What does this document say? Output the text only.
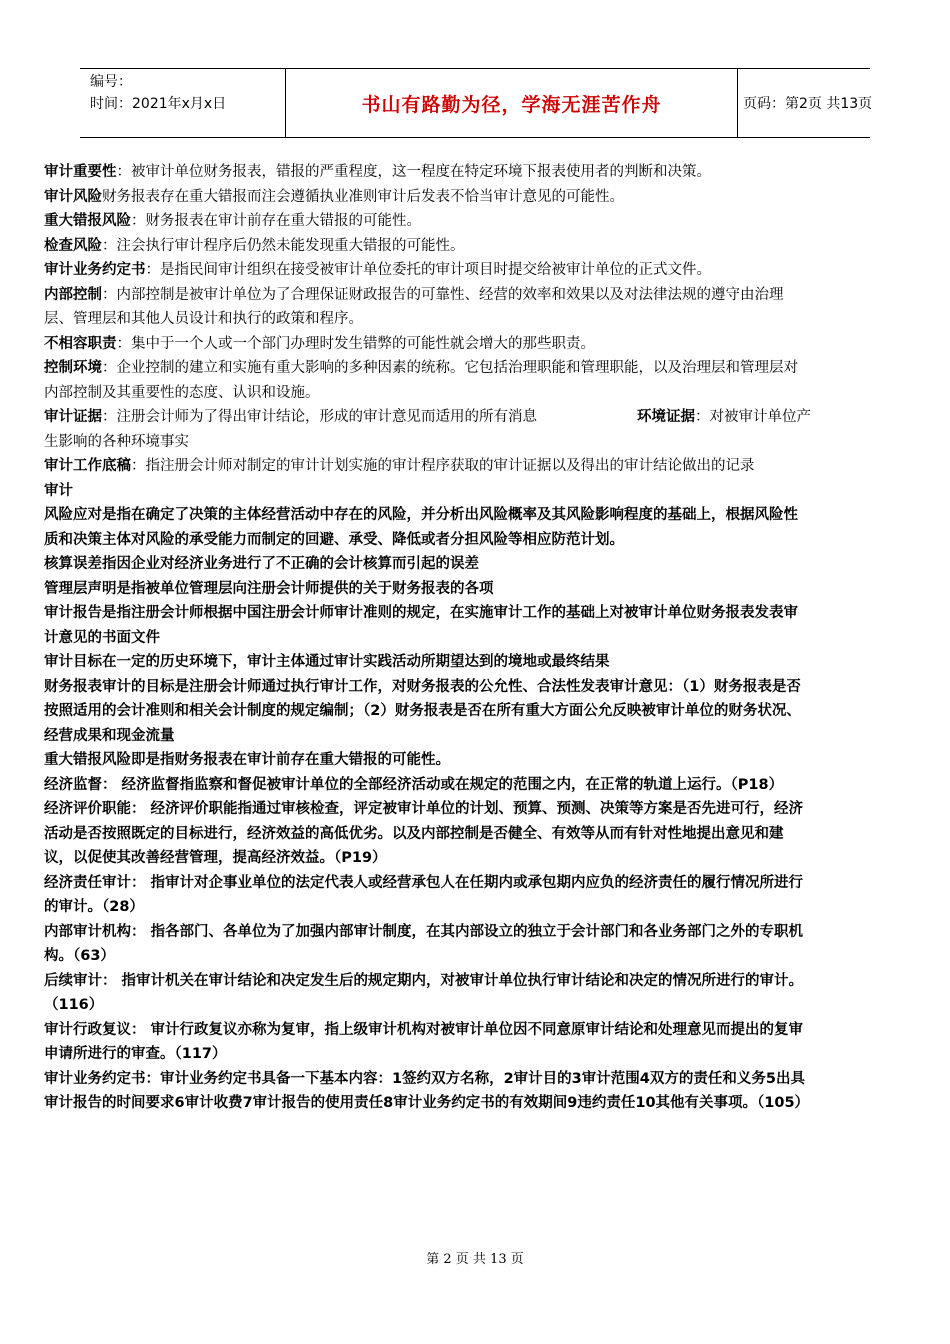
编号：
时间：2021年x月x日	书山有路勤为径，学海无涯苦作舟	页码：第2页 共13页

审计重要性：被审计单位财务报表，错报的严重程度，这一程度在特定环境下报表使用者的判断和决策。

审计风险财务报表存在重大错报而注会遵循执业准则审计后发表不恰当审计意见的可能性。

重大错报风险：财务报表在审计前存在重大错报的可能性。

检查风险：注会执行审计程序后仍然未能发现重大错报的可能性。

审计业务约定书：是指民间审计组织在接受被审计单位委托的审计项目时提交给被审计单位的正式文件。

内部控制：内部控制是被审计单位为了合理保证财政报告的可靠性、经营的效率和效果以及对法律法规的遵守由治理层、管理层和其他人员设计和执行的政策和程序。

不相容职责：集中于一个人或一个部门办理时发生错弊的可能性就会增大的那些职责。

控制环境：企业控制的建立和实施有重大影响的多种因素的统称。它包括治理职能和管理职能，以及治理层和管理层对内部控制及其重要性的态度、认识和设施。

审计证据：注册会计师为了得出审计结论，形成的审计意见而适用的所有消息	环境证据：对被审计单位产生影响的各种环境事实

审计工作底稿：指注册会计师对制定的审计计划实施的审计程序获取的审计证据以及得出的审计结论做出的记录

审计

风险应对是指在确定了决策的主体经营活动中存在的风险，并分析出风险概率及其风险影响程度的基础上，根据风险性质和决策主体对风险的承受能力而制定的回避、承受、降低或者分担风险等相应防范计划。

核算误差指因企业对经济业务进行了不正确的会计核算而引起的误差

管理层声明是指被单位管理层向注册会计师提供的关于财务报表的各项

审计报告是指注册会计师根据中国注册会计师审计准则的规定，在实施审计工作的基础上对被审计单位财务报表发表审计意见的书面文件

审计目标在一定的历史环境下，审计主体通过审计实践活动所期望达到的境地或最终结果

财务报表审计的目标是注册会计师通过执行审计工作，对财务报表的公允性、合法性发表审计意见：（1）财务报表是否按照适用的会计准则和相关会计制度的规定编制；（2）财务报表是否在所有重大方面公允反映被审计单位的财务状况、经营成果和现金流量

重大错报风险即是指财务报表在审计前存在重大错报的可能性。

经济监督： 经济监督指监察和督促被审计单位的全部经济活动或在规定的范围之内，在正常的轨道上运行。（P18）

经济评价职能： 经济评价职能指通过审核检查，评定被审计单位的计划、预算、预测、决策等方案是否先进可行，经济活动是否按照既定的目标进行，经济效益的高低优劣。以及内部控制是否健全、有效等从而有针对性地提出意见和建议，以促使其改善经营管理，提高经济效益。（P19）

经济责任审计： 指审计对企事业单位的法定代表人或经营承包人在任期内或承包期内应负的经济责任的履行情况所进行的审计。（28）

内部审计机构： 指各部门、各单位为了加强内部审计制度，在其内部设立的独立于会计部门和各业务部门之外的专职机构。（63）

后续审计： 指审计机关在审计结论和决定发生后的规定期内，对被审计单位执行审计结论和决定的情况所进行的审计。（116）

审计行政复议： 审计行政复议亦称为复审，指上级审计机构对被审计单位因不同意原审计结论和处理意见而提出的复审申请所进行的审查。（117）

审计业务约定书：审计业务约定书具备一下基本内容：1签约双方名称，2审计目的3审计范围4双方的责任和义务5出具审计报告的时间要求6审计收费7审计报告的使用责任8审计业务约定书的有效期间9违约责任10其他有关事项。（105）

第 2 页 共 13 页
